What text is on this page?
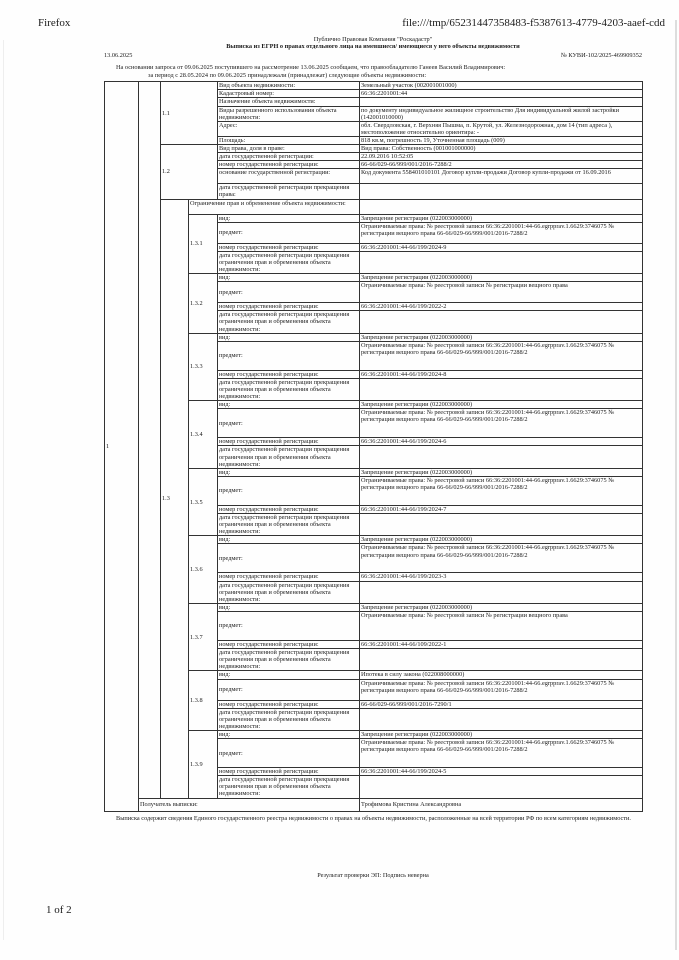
Firefox	file:///tmp/65231447358483-f5387613-4779-4203-aaef-cdd
Публично Правовая Компания "Роскадастр"
Выписка из ЕГРН о правах отдельного лица на имевшиеся/ имеющиеся у него объекты недвижимости
13.06.2025	№ КУВИ-102/2025-469909352
На основании запроса от 09.06.2025 поступившего на рассмотрение 13.06.2025 сообщаем, что правообладателю Ганеев Василий Владимирович:
за период с 28.05.2024 по 09.06.2025 принадлежали (принадлежат) следующие объекты недвижимости:
1		1.1		Вид объекта недвижимости:	Земельный участок (002001001000)
				Кадастровый номер:	66:36:2201001:44
				Назначение объекта недвижимости:	
				Виды разрешенного использования объекта недвижимости:	по документу индивидуальное жилищное строительство Для индивидуальной жилой застройки (142001010000)
				Адрес:	обл. Свердловская, г. Верхняя Пышма, п. Крутой, ул. Железнодорожная, дом 14 (тип адреса ), местоположение относительно ориентира: -
				Площадь:	818 кв.м, погрешность 19, Уточненная площадь (009)
		1.2		Вид права, доля в праве:	Вид права: Собственность (001001000000)
				дата государственной регистрации:	22.09.2016 10:52:05
				номер государственной регистрации:	66-66/029-66/999/001/2016-7288/2
				основание государственной регистрации:	Код документа 558401010101 Договор купли-продажи Договор купли-продажи от 16.09.2016
				дата государственной регистрации прекращения права:	
		1.3	Ограничение прав и обременение объекта недвижимости:		
			1.3.1	вид:	Запрещение регистрации (022003000000)
				предмет:	Ограничиваемые права: № реестровой записи 66:36:2201001:44-66.egrpprav.1.6629:3746075 № регистрации вещного права 66-66/029-66/999/001/2016-7288/2
				номер государственной регистрации:	66:36:2201001:44-66/199/2024-9
				дата государственной регистрации прекращения ограничения прав и обременения объекта недвижимости:	
			1.3.2	вид:	Запрещение регистрации (022003000000)
				предмет:	Ограничиваемые права: № реестровой записи № регистрации вещного права
				номер государственной регистрации:	66:36:2201001:44-66/199/2022-2
				дата государственной регистрации прекращения ограничения прав и обременения объекта недвижимости:	
			1.3.3	вид:	Запрещение регистрации (022003000000)
				предмет:	Ограничиваемые права: № реестровой записи 66:36:2201001:44-66.egrpprav.1.6629:3746075 № регистрации вещного права 66-66/029-66/999/001/2016-7288/2
				номер государственной регистрации:	66:36:2201001:44-66/199/2024-8
				дата государственной регистрации прекращения ограничения прав и обременения объекта недвижимости:	
			1.3.4	вид:	Запрещение регистрации (022003000000)
				предмет:	Ограничиваемые права: № реестровой записи 66:36:2201001:44-66.egrpprav.1.6629:3746075 № регистрации вещного права 66-66/029-66/999/001/2016-7288/2
				номер государственной регистрации:	66:36:2201001:44-66/199/2024-6
				дата государственной регистрации прекращения ограничения прав и обременения объекта недвижимости:	
			1.3.5	вид:	Запрещение регистрации (022003000000)
				предмет:	Ограничиваемые права: № реестровой записи 66:36:2201001:44-66.egrpprav.1.6629:3746075 № регистрации вещного права 66-66/029-66/999/001/2016-7288/2
				номер государственной регистрации:	66:36:2201001:44-66/199/2024-7
				дата государственной регистрации прекращения ограничения прав и обременения объекта недвижимости:	
			1.3.6	вид:	Запрещение регистрации (022003000000)
				предмет:	Ограничиваемые права: № реестровой записи 66:36:2201001:44-66.egrpprav.1.6629:3746075 № регистрации вещного права 66-66/029-66/999/001/2016-7288/2
				номер государственной регистрации:	66:36:2201001:44-66/199/2023-3
				дата государственной регистрации прекращения ограничения прав и обременения объекта недвижимости:	
			1.3.7	вид:	Запрещение регистрации (022003000000)
				предмет:	Ограничиваемые права: № реестровой записи № регистрации вещного права
				номер государственной регистрации:	66:36:2201001:44-66/109/2022-1
				дата государственной регистрации прекращения ограничения прав и обременения объекта недвижимости:	
			1.3.8	вид:	Ипотека в силу закона (022008000000)
				предмет:	Ограничиваемые права: № реестровой записи 66:36:2201001:44-66.egrpprav.1.6629:3746075 № регистрации вещного права 66-66/029-66/999/001/2016-7288/2
				номер государственной регистрации:	66-66/029-66/999/001/2016-7290/1
				дата государственной регистрации прекращения ограничения прав и обременения объекта недвижимости:	
			1.3.9	вид:	Запрещение регистрации (022003000000)
				предмет:	Ограничиваемые права: № реестровой записи 66:36:2201001:44-66.egrpprav.1.6629:3746075 № регистрации вещного права 66-66/029-66/999/001/2016-7288/2
				номер государственной регистрации:	66:36:2201001:44-66/199/2024-5
				дата государственной регистрации прекращения ограничения прав и обременения объекта недвижимости:	
	Получатель выписки:				Трофимова Кристина Александровна
Выписка содержит сведения Единого государственного реестра недвижимости о правах на объекты недвижимости, расположенные на всей территории РФ по всем категориям недвижимости.
Результат проверки ЭП: Подпись неверна
1 of 2
